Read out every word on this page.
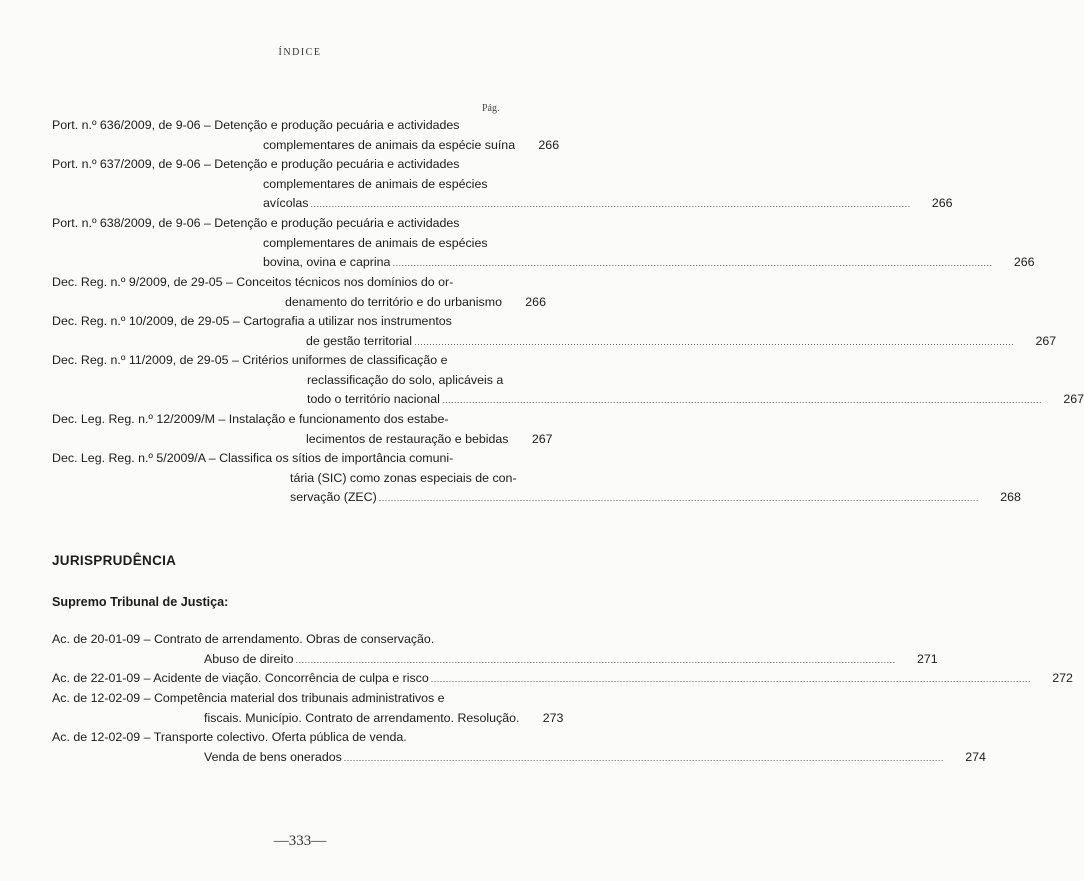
ÍNDICE
Pág.
Port. n.º 636/2009, de 9-06 – Detenção e produção pecuária e actividades
complementares de animais da espécie suína	266
Port. n.º 637/2009, de 9-06 – Detenção e produção pecuária e actividades
complementares de animais de espécies
avícolas ........................................................................................................................................................................................................	266
Port. n.º 638/2009, de 9-06 – Detenção e produção pecuária e actividades
complementares de animais de espécies
bovina, ovina e caprina ........................................................................................................................................................................................................	266
Dec. Reg. n.º 9/2009, de 29-05 – Conceitos técnicos nos domínios do or-
denamento do território e do urbanismo	266
Dec. Reg. n.º 10/2009, de 29-05 – Cartografia a utilizar nos instrumentos
de gestão territorial ........................................................................................................................................................................................................	267
Dec. Reg. n.º 11/2009, de 29-05 – Critérios uniformes de classificação e
reclassificação do solo, aplicáveis a
todo o território nacional ........................................................................................................................................................................................................	267
Dec. Leg. Reg. n.º 12/2009/M – Instalação e funcionamento dos estabe-
lecimentos de restauração e bebidas	267
Dec. Leg. Reg. n.º 5/2009/A – Classifica os sítios de importância comuni-
tária (SIC) como zonas especiais de con-
servação (ZEC) ........................................................................................................................................................................................................	268
JURISPRUDÊNCIA
Supremo Tribunal de Justiça:
Ac. de 20-01-09 – Contrato de arrendamento. Obras de conservação.
Abuso de direito ........................................................................................................................................................................................................	271
Ac. de 22-01-09 – Acidente de viação. Concorrência de culpa e risco ........................................................................................................................................................................................................	272
Ac. de 12-02-09 – Competência material dos tribunais administrativos e
fiscais. Município. Contrato de arrendamento. Resolução.	273
Ac. de 12-02-09 – Transporte colectivo. Oferta pública de venda.
Venda de bens onerados ........................................................................................................................................................................................................	274
—333—
